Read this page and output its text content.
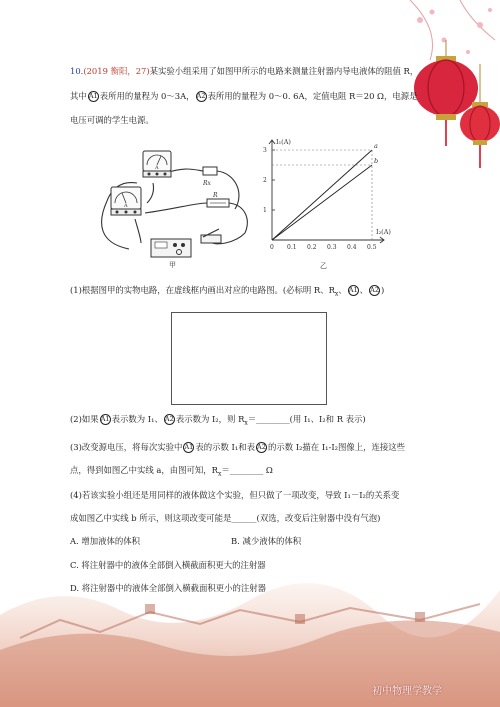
10.(2019 衡阳，27)某实验小组采用了如图甲所示的电路来测量注射器内导电液体的阻值 R，
其中 A1 表所用的量程为 0～3A， A2 表所用的量程为 0～0. 6A，定值电阻 R＝20 Ω，电源是
电压可调的学生电源。
A
A
Rx
R
甲
0 0.1 0.2 0.3 0.4 0.5
1
2
3
a
b
I₁(A)
I₂(A)
乙
(1)根据图甲的实物电路，在虚线框内画出对应的电路图。(必标明 R、$R_x$、 A1 、 A2 )
(2)如果 A1 表示数为 I₁、 A2 表示数为 I₂，则 $R_x=\_\_\_\_\_\_\_\_$(用 I₁、I₂和 R 表示)
(3)改变源电压，将每次实验中 A1 表的示数 I₁和表 A2 的示数 I₂描在 I₁-I₂图像上，连接这些
点，得到如图乙中实线 a，由图可知，$R_x=\_\_\_\_\_\_\_\_$ Ω
(4)若该实验小组还是用同样的液体做这个实验，但只做了一项改变，导致 I₁－I₂的关系变
成如图乙中实线 b 所示，则这项改变可能是______(双选，改变后注射器中没有气泡)
A. 增加液体的体积	B. 减少液体的体积
C. 将注射器中的液体全部倒入横截面积更大的注射器
D. 将注射器中的液体全部倒入横截面积更小的注射器
初中物理学教学
